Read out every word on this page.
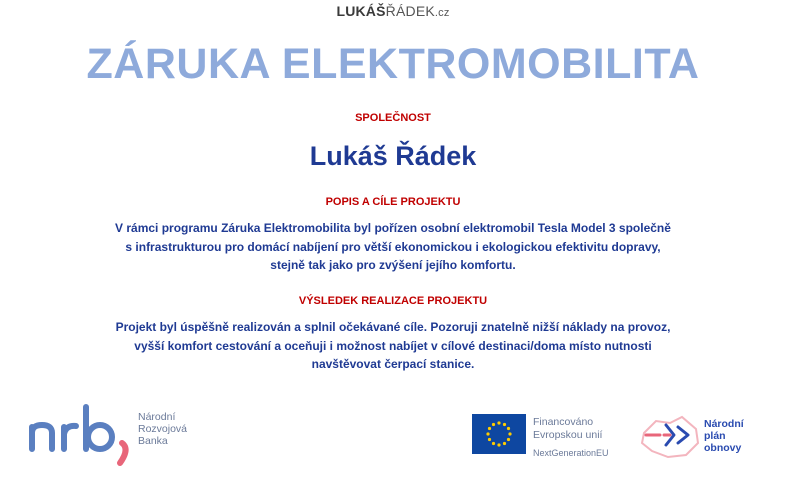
LUKÁŠŘÁDEK.cz
ZÁRUKA ELEKTROMOBILITA
SPOLEČNOST
Lukáš Řádek
POPIS A CÍLE PROJEKTU
V rámci programu Záruka Elektromobilita byl pořízen osobní elektromobil Tesla Model 3 společně
s infrastrukturou pro domácí nabíjení pro větší ekonomickou i ekologickou efektivitu dopravy,
stejně tak jako pro zvýšení jejího komfortu.
VÝSLEDEK REALIZACE PROJEKTU
Projekt byl úspěšně realizován a splnil očekávané cíle. Pozoruji znatelně nižší náklady na provoz,
vyšší komfort cestování a oceňuji i možnost nabíjet v cílové destinaci/doma místo nutnosti
navštěvovat čerpací stanice.
Národní
Rozvojová
Banka
Financováno
Evropskou unií
NextGenerationEU
Národní
plán
obnovy
